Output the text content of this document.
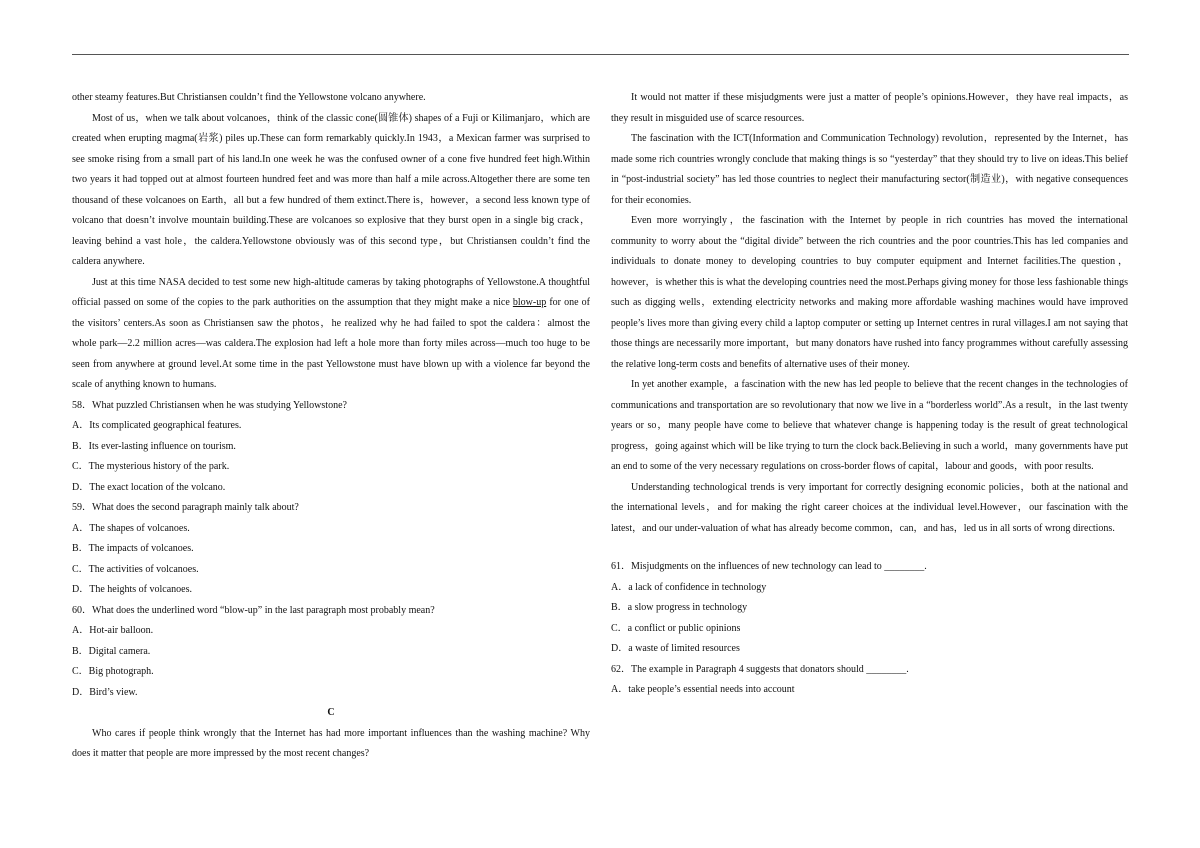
other steamy features.But Christiansen couldn’t find the Yellowstone volcano anywhere.

Most of us，when we talk about volcanoes，think of the classic cone(圆锥体) shapes of a Fuji or Kilimanjaro，which are created when erupting magma(岩浆) piles up.These can form remarkably quickly.In 1943，a Mexican farmer was surprised to see smoke rising from a small part of his land.In one week he was the confused owner of a cone five hundred feet high.Within two years it had topped out at almost fourteen hundred feet and was more than half a mile across.Altogether there are some ten thousand of these volcanoes on Earth，all but a few hundred of them extinct.There is，however，a second less known type of volcano that doesn’t involve mountain building.These are volcanoes so explosive that they burst open in a single big crack，leaving behind a vast hole，the caldera.Yellowstone obviously was of this second type，but Christiansen couldn’t find the caldera anywhere.

Just at this time NASA decided to test some new high-altitude cameras by taking photographs of Yellowstone.A thoughtful official passed on some of the copies to the park authorities on the assumption that they might make a nice blow-up for one of the visitors’ centers.As soon as Christiansen saw the photos，he realized why he had failed to spot the caldera：almost the whole park—2.2 million acres—was caldera.The explosion had left a hole more than forty miles across—much too huge to be seen from anywhere at ground level.At some time in the past Yellowstone must have blown up with a violence far beyond the scale of anything known to humans.

58．What puzzled Christiansen when he was studying Yellowstone?

A．Its complicated geographical features.

B．Its ever-lasting influence on tourism.

C．The mysterious history of the park.

D．The exact location of the volcano.

59．What does the second paragraph mainly talk about?

A．The shapes of volcanoes.

B．The impacts of volcanoes.

C．The activities of volcanoes.

D．The heights of volcanoes.

60．What does the underlined word “blow-up” in the last paragraph most probably mean?

A．Hot-air balloon.

B．Digital camera.

C．Big photograph.

D．Bird’s view.

C

Who cares if people think wrongly that the Internet has had more important influences than the washing machine? Why does it matter that people are more impressed by the most recent changes?

It would not matter if these misjudgments were just a matter of people’s opinions.However，they have real impacts，as they result in misguided use of scarce resources.

The fascination with the ICT(Information and Communication Technology) revolution，represented by the Internet，has made some rich countries wrongly conclude that making things is so “yesterday” that they should try to live on ideas.This belief in “post-industrial society” has led those countries to neglect their manufacturing sector(制造业)，with negative consequences for their economies.

Even more worryingly，the fascination with the Internet by people in rich countries has moved the international community to worry about the “digital divide” between the rich countries and the poor countries.This has led companies and individuals to donate money to developing countries to buy computer equipment and Internet facilities.The question，however，is whether this is what the developing countries need the most.Perhaps giving money for those less fashionable things such as digging wells，extending electricity networks and making more affordable washing machines would have improved people’s lives more than giving every child a laptop computer or setting up Internet centres in rural villages.I am not saying that those things are necessarily more important，but many donators have rushed into fancy programmes without carefully assessing the relative long-term costs and benefits of alternative uses of their money.

In yet another example，a fascination with the new has led people to believe that the recent changes in the technologies of communications and transportation are so revolutionary that now we live in a “borderless world”.As a result，in the last twenty years or so，many people have come to believe that whatever change is happening today is the result of great technological progress，going against which will be like trying to turn the clock back.Believing in such a world，many governments have put an end to some of the very necessary regulations on cross-border flows of capital，labour and goods，with poor results.

Understanding technological trends is very important for correctly designing economic policies，both at the national and the international levels，and for making the right career choices at the individual level.However，our fascination with the latest，and our under-valuation of what has already become common，can，and has，led us in all sorts of wrong directions.

61．Misjudgments on the influences of new technology can lead to ________.

A．a lack of confidence in technology

B．a slow progress in technology

C．a conflict or public opinions

D．a waste of limited resources

62．The example in Paragraph 4 suggests that donators should ________.

A．take people’s essential needs into account
